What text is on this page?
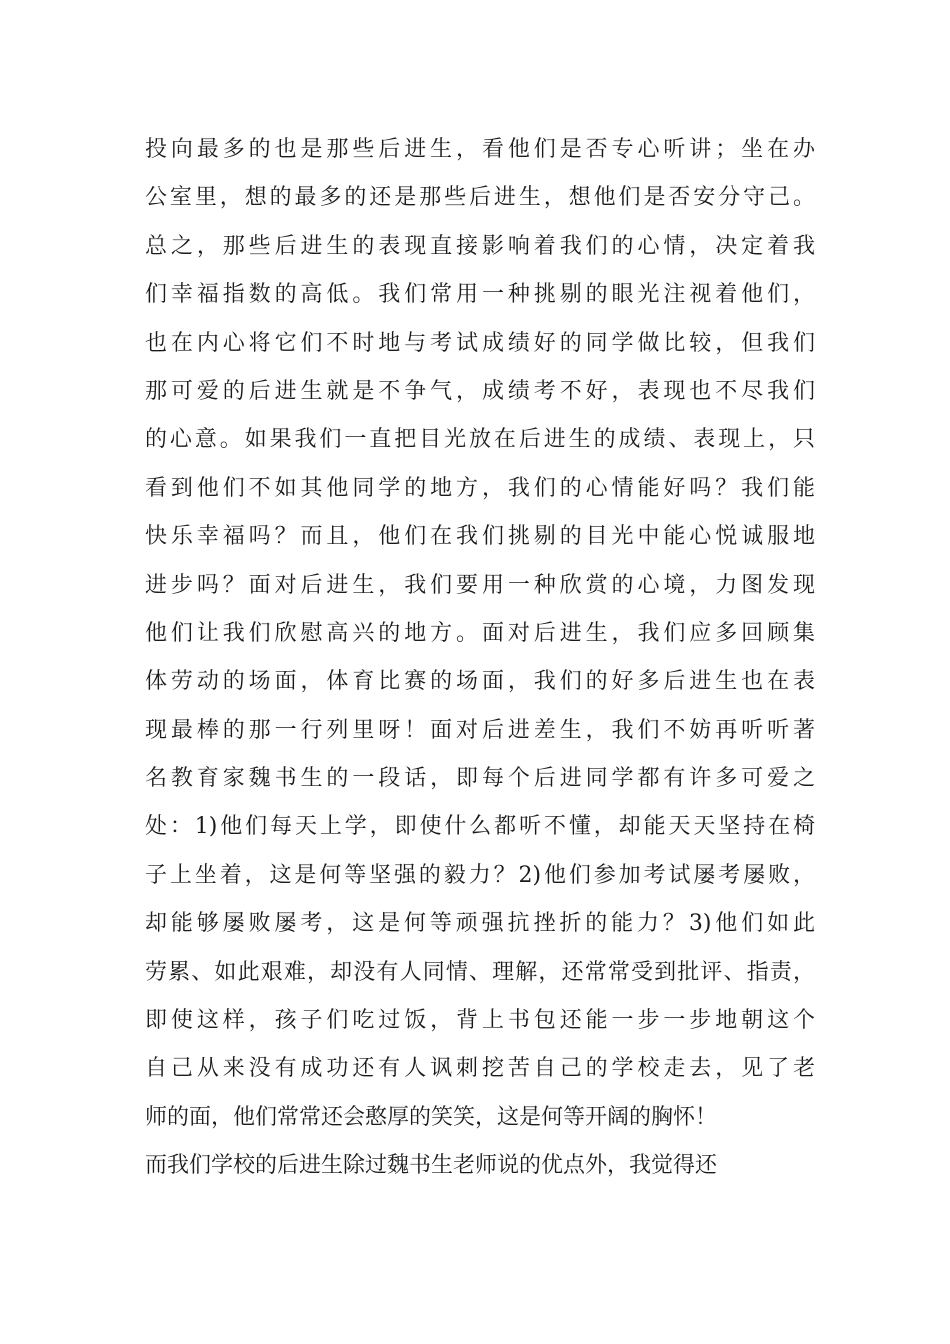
投向最多的也是那些后进生，看他们是否专心听讲；坐在办
公室里，想的最多的还是那些后进生，想他们是否安分守己。
总之，那些后进生的表现直接影响着我们的心情，决定着我
们幸福指数的高低。我们常用一种挑剔的眼光注视着他们，
也在内心将它们不时地与考试成绩好的同学做比较，但我们
那可爱的后进生就是不争气，成绩考不好，表现也不尽我们
的心意。如果我们一直把目光放在后进生的成绩、表现上，只
看到他们不如其他同学的地方，我们的心情能好吗？我们能
快乐幸福吗？而且，他们在我们挑剔的目光中能心悦诚服地
进步吗？面对后进生，我们要用一种欣赏的心境，力图发现
他们让我们欣慰高兴的地方。面对后进生，我们应多回顾集
体劳动的场面，体育比赛的场面，我们的好多后进生也在表
现最棒的那一行列里呀！面对后进差生，我们不妨再听听著
名教育家魏书生的一段话，即每个后进同学都有许多可爱之
处：1)他们每天上学，即使什么都听不懂，却能天天坚持在椅
子上坐着，这是何等坚强的毅力？2)他们参加考试屡考屡败，
却能够屡败屡考，这是何等顽强抗挫折的能力？3)他们如此
劳累、如此艰难，却没有人同情、理解，还常常受到批评、指责，
即使这样，孩子们吃过饭，背上书包还能一步一步地朝这个
自己从来没有成功还有人讽刺挖苦自己的学校走去，见了老
师的面，他们常常还会憨厚的笑笑，这是何等开阔的胸怀！
而我们学校的后进生除过魏书生老师说的优点外，我觉得还
